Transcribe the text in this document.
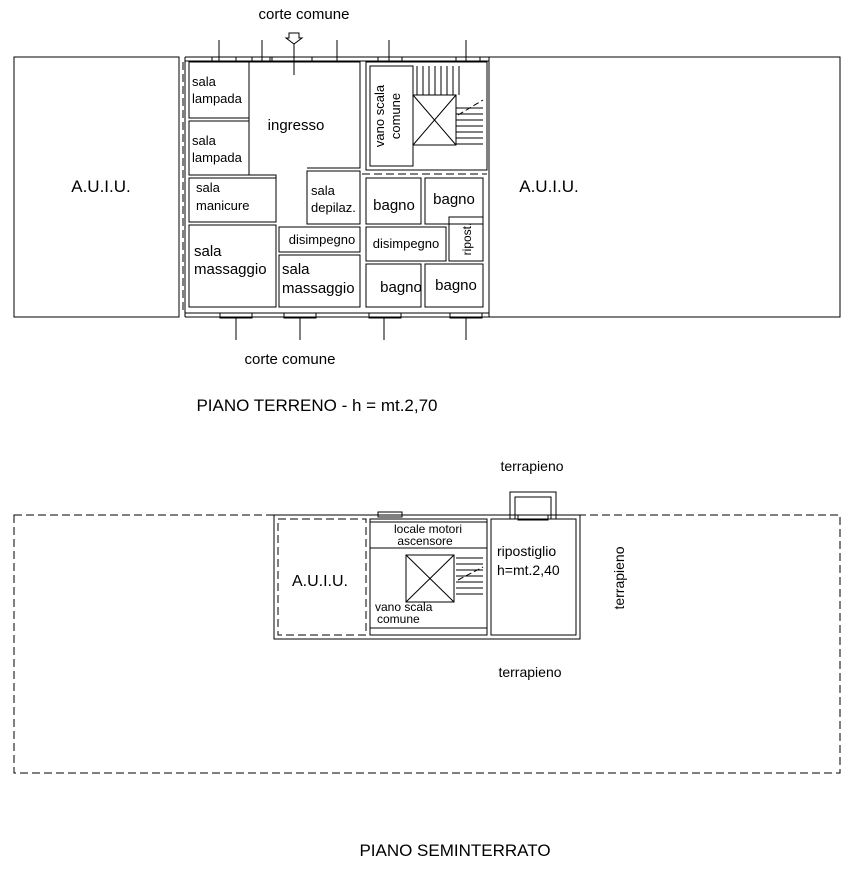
corte comune
corte comune
A.U.I.U.	A.U.I.U.
sala
lampada
sala
lampada
ingresso
sala
manicure
sala
massaggio
sala
depilaz.
disimpegno
sala
massaggio
bagno bagno
disimpegno ripost.
bagno bagno
vano scala comune
PIANO TERRENO - h = mt.2,70
terrapieno
terrapieno
terrapieno
A.U.I.U.
locale motori
ascensore
ripostiglio
h=mt.2,40
vano scala
comune
PIANO SEMINTERRATO
